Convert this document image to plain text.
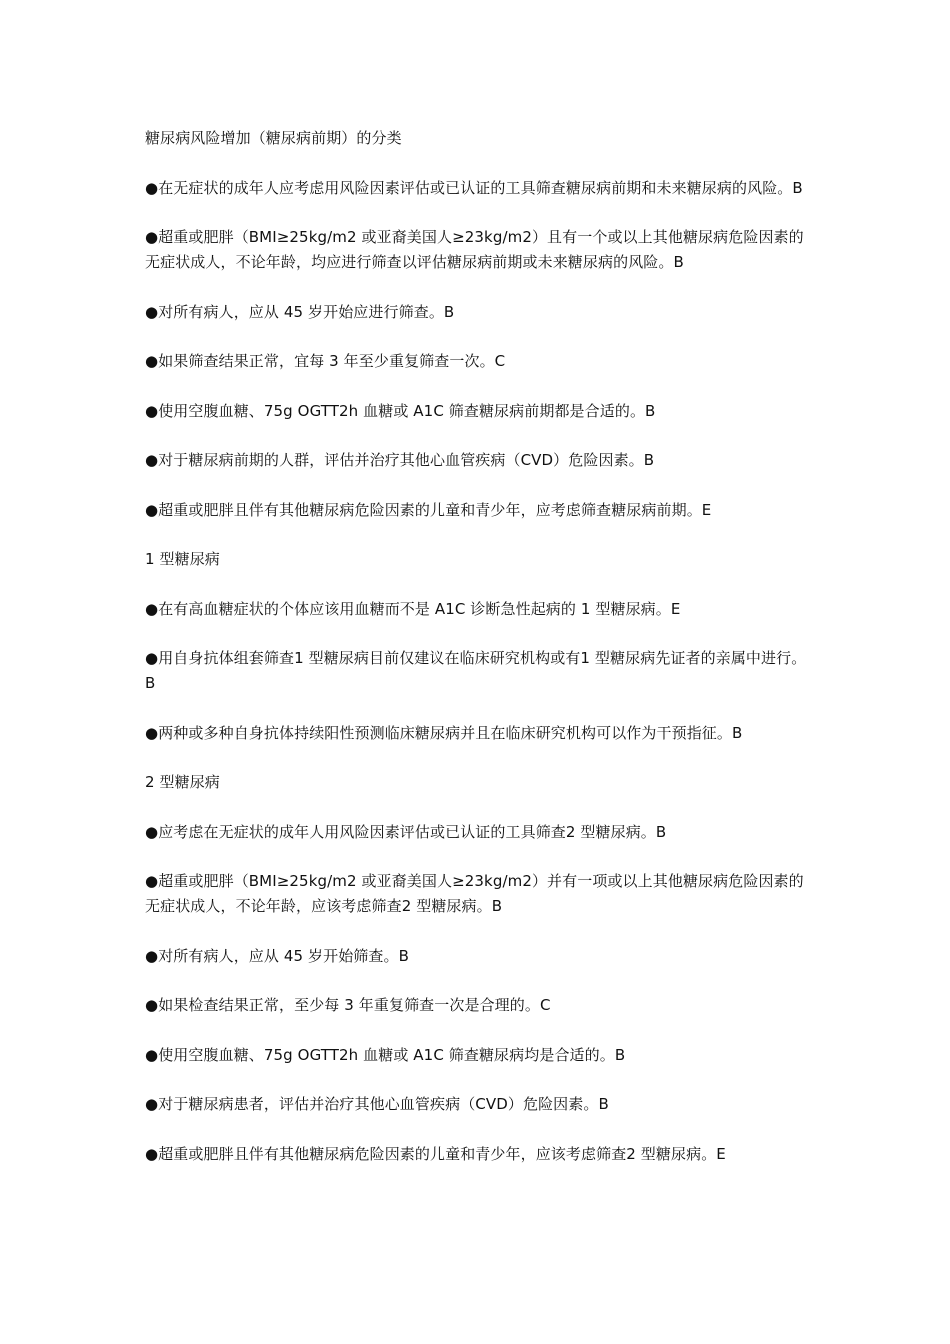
糖尿病风险增加（糖尿病前期）的分类

●在无症状的成年人应考虑用风险因素评估或已认证的工具筛查糖尿病前期和未来糖尿病的风险。B

●超重或肥胖（BMI≥25kg/m2 或亚裔美国人≥23kg/m2）且有一个或以上其他糖尿病危险因素的无症状成人，不论年龄，均应进行筛查以评估糖尿病前期或未来糖尿病的风险。B

●对所有病人，应从 45 岁开始应进行筛查。B

●如果筛查结果正常，宜每 3 年至少重复筛查一次。C

●使用空腹血糖、75g OGTT2h 血糖或 A1C 筛查糖尿病前期都是合适的。B

●对于糖尿病前期的人群，评估并治疗其他心血管疾病（CVD）危险因素。B

●超重或肥胖且伴有其他糖尿病危险因素的儿童和青少年，应考虑筛查糖尿病前期。E

1 型糖尿病

●在有高血糖症状的个体应该用血糖而不是 A1C 诊断急性起病的 1 型糖尿病。E

●用自身抗体组套筛查1 型糖尿病目前仅建议在临床研究机构或有1 型糖尿病先证者的亲属中进行。B

●两种或多种自身抗体持续阳性预测临床糖尿病并且在临床研究机构可以作为干预指征。B

2 型糖尿病

●应考虑在无症状的成年人用风险因素评估或已认证的工具筛查2 型糖尿病。B

●超重或肥胖（BMI≥25kg/m2 或亚裔美国人≥23kg/m2）并有一项或以上其他糖尿病危险因素的无症状成人，不论年龄，应该考虑筛查2 型糖尿病。B

●对所有病人，应从 45 岁开始筛查。B

●如果检查结果正常，至少每 3 年重复筛查一次是合理的。C

●使用空腹血糖、75g OGTT2h 血糖或 A1C 筛查糖尿病均是合适的。B

●对于糖尿病患者，评估并治疗其他心血管疾病（CVD）危险因素。B

●超重或肥胖且伴有其他糖尿病危险因素的儿童和青少年，应该考虑筛查2 型糖尿病。E
